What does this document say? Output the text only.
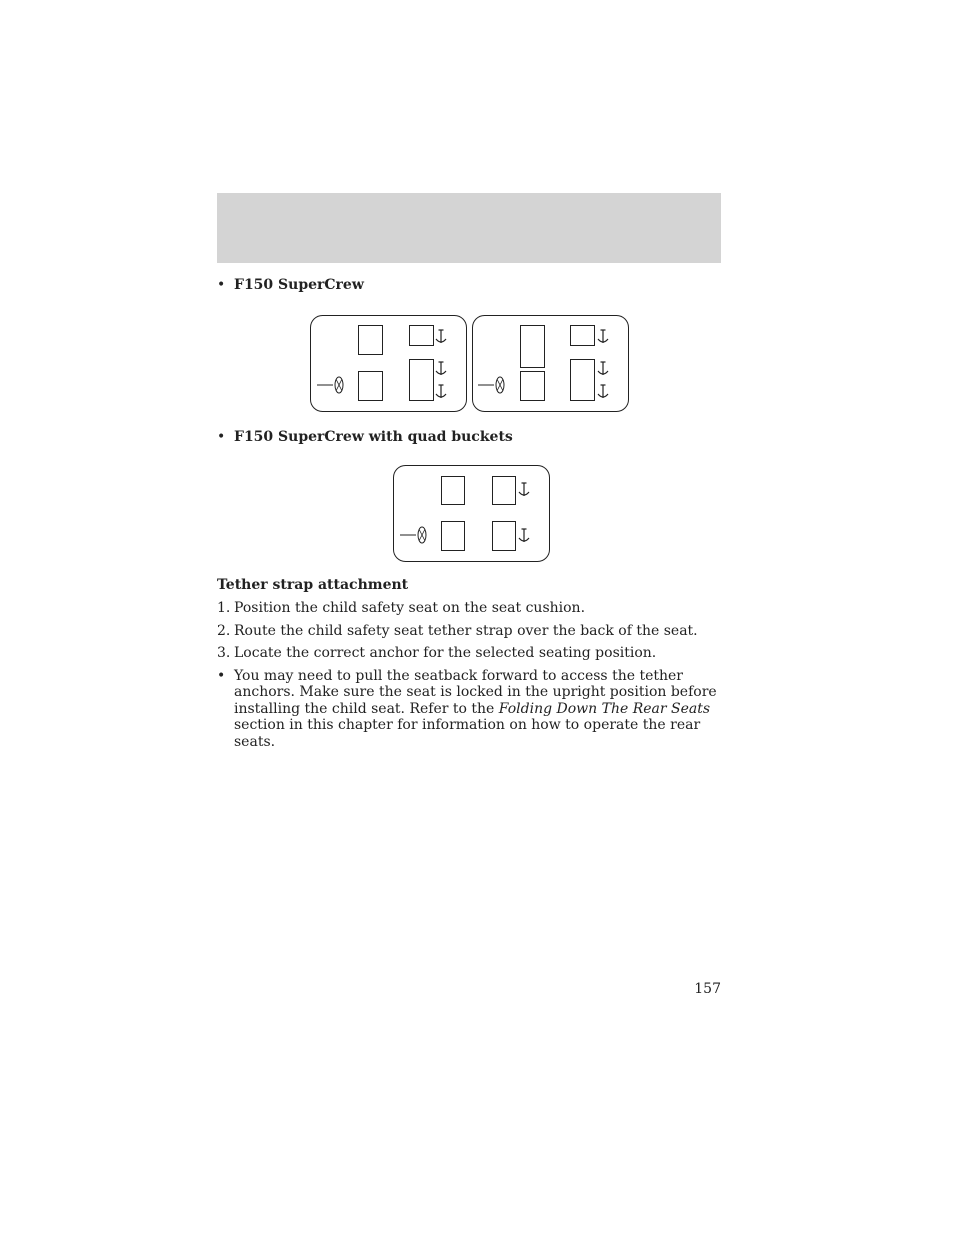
• F150 SuperCrew
• F150 SuperCrew with quad buckets
Tether strap attachment
1. Position the child safety seat on the seat cushion.
2. Route the child safety seat tether strap over the back of the seat.
3. Locate the correct anchor for the selected seating position.
• You may need to pull the seatback forward to access the tether anchors. Make sure the seat is locked in the upright position before installing the child seat. Refer to the Folding Down The Rear Seats section in this chapter for information on how to operate the rear seats.
157
